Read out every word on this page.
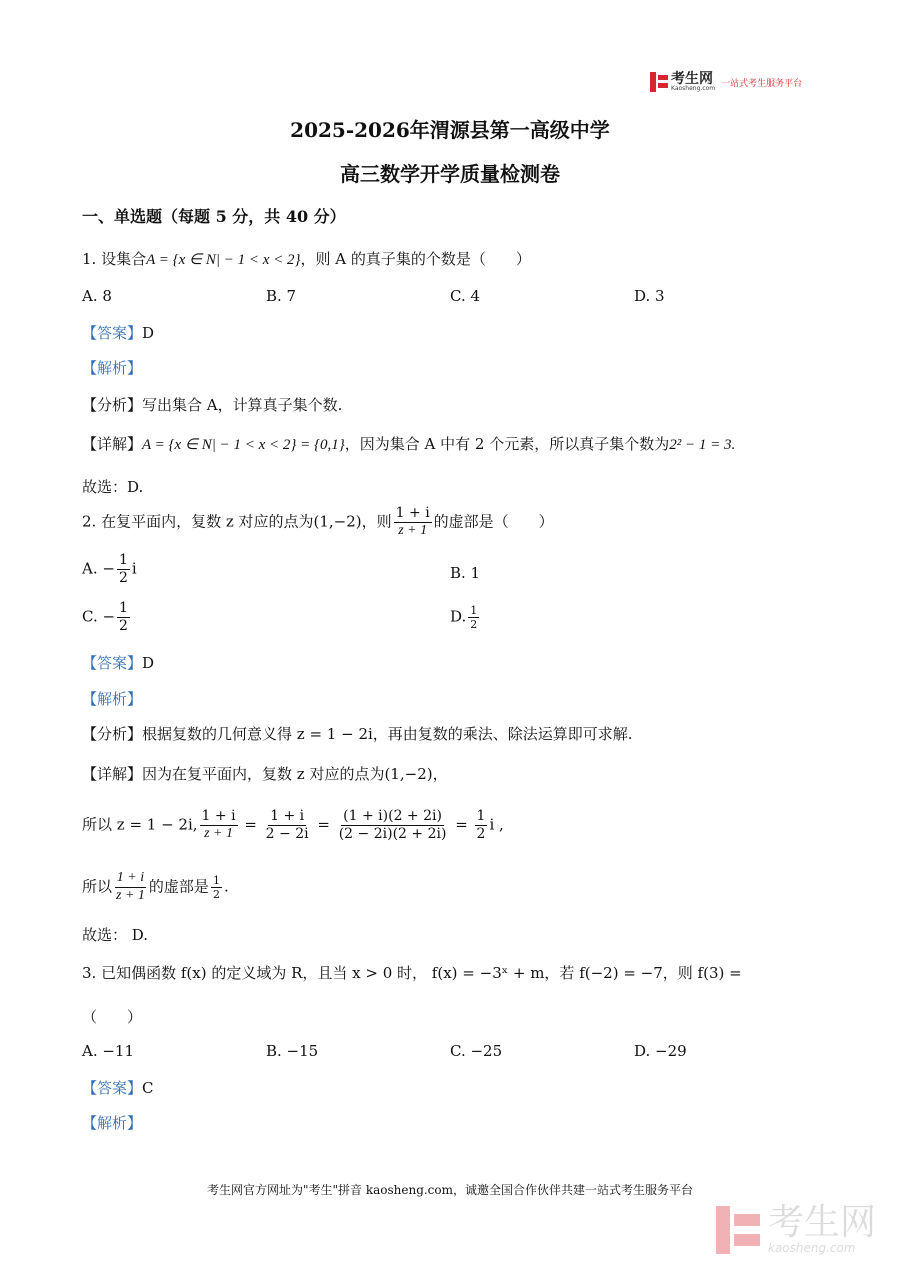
考生网
Kaosheng.com 一站式考生服务平台
2025-2026年渭源县第一高级中学
高三数学开学质量检测卷
一、单选题（每题 5 分，共 40 分）
1. 设集合A = {x ∈ N| − 1 < x < 2}，则 A 的真子集的个数是（　　）
A. 8	B. 7	C. 4	D. 3
【答案】D
【解析】
【分析】写出集合 A，计算真子集个数.
【详解】A = {x ∈ N| − 1 < x < 2} = {0,1}，因为集合 A 中有 2 个元素，所以真子集个数为2² − 1 = 3.
故选：D.
2. 在复平面内，复数 z 对应的点为(1,−2)，则 $\frac{1 + i}{z + 1}$ 的虚部是（　　）
A. − $\frac{1}{2}$ i	B. 1
C. − $\frac{1}{2}$	D. $\frac{1}{2}$
【答案】D
【解析】
【分析】根据复数的几何意义得 z = 1 − 2i，再由复数的乘法、除法运算即可求解.
【详解】因为在复平面内，复数 z 对应的点为(1,−2)，
所以 z = 1 − 2i, $\frac{1 + i}{z + 1} = \frac{1 + i}{2 - 2i} = \frac{(1 + i)(2 + 2i)}{(2 - 2i)(2 + 2i)} = \frac{1}{2}$ i ,
所以 $\frac{1 + i}{z + 1}$ 的虚部是 $\frac{1}{2}$ .
故选： D.
3. 已知偶函数 f(x) 的定义域为 R，且当 x > 0 时， f(x) = −3ˣ + m，若 f(−2) = −7，则 f(3) =
（　　）
A. −11	B. −15	C. −25	D. −29
【答案】C
【解析】
考生网官方网址为"考生"拼音 kaosheng.com，诚邀全国合作伙伴共建一站式考生服务平台
考生网
kaosheng.com
